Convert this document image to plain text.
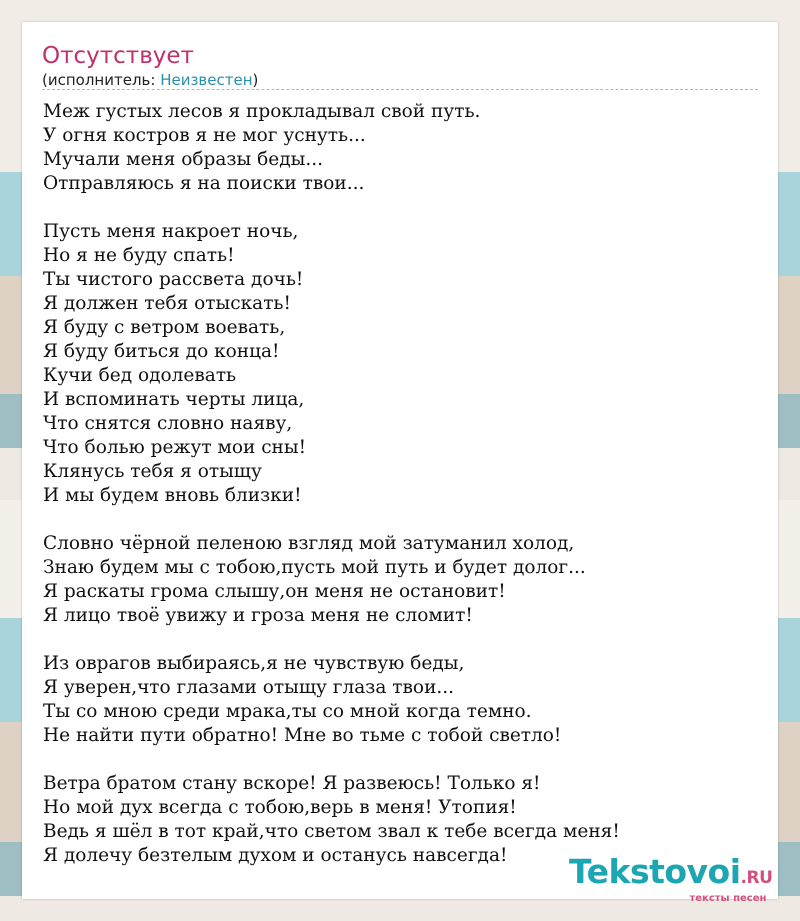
Отсутствует
(исполнитель: Неизвестен)
Меж густых лесов я прокладывал свой путь.
У огня костров я не мог уснуть...
Мучали меня образы беды...
Отправляюсь я на поиски твои...
Пусть меня накроет ночь,
Но я не буду спать!
Ты чистого рассвета дочь!
Я должен тебя отыскать!
Я буду с ветром воевать,
Я буду биться до конца!
Кучи бед одолевать
И вспоминать черты лица,
Что снятся словно наяву,
Что болью режут мои сны!
Клянусь тебя я отыщу
И мы будем вновь близки!
Словно чёрной пеленою взгляд мой затуманил холод,
Знаю будем мы с тобою,пусть мой путь и будет долог...
Я раскаты грома слышу,он меня не остановит!
Я лицо твоё увижу и гроза меня не сломит!
Из оврагов выбираясь,я не чувствую беды,
Я уверен,что глазами отыщу глаза твои...
Ты со мною среди мрака,ты со мной когда темно.
Не найти пути обратно! Мне во тьме с тобой светло!
Ветра братом стану вскоре! Я развеюсь! Только я!
Но мой дух всегда с тобою,верь в меня! Утопия!
Ведь я шёл в тот край,что светом звал к тебе всегда меня!
Я долечу безтелым духом и останусь навсегда!	Tekstovoi.RU
тексты песен
